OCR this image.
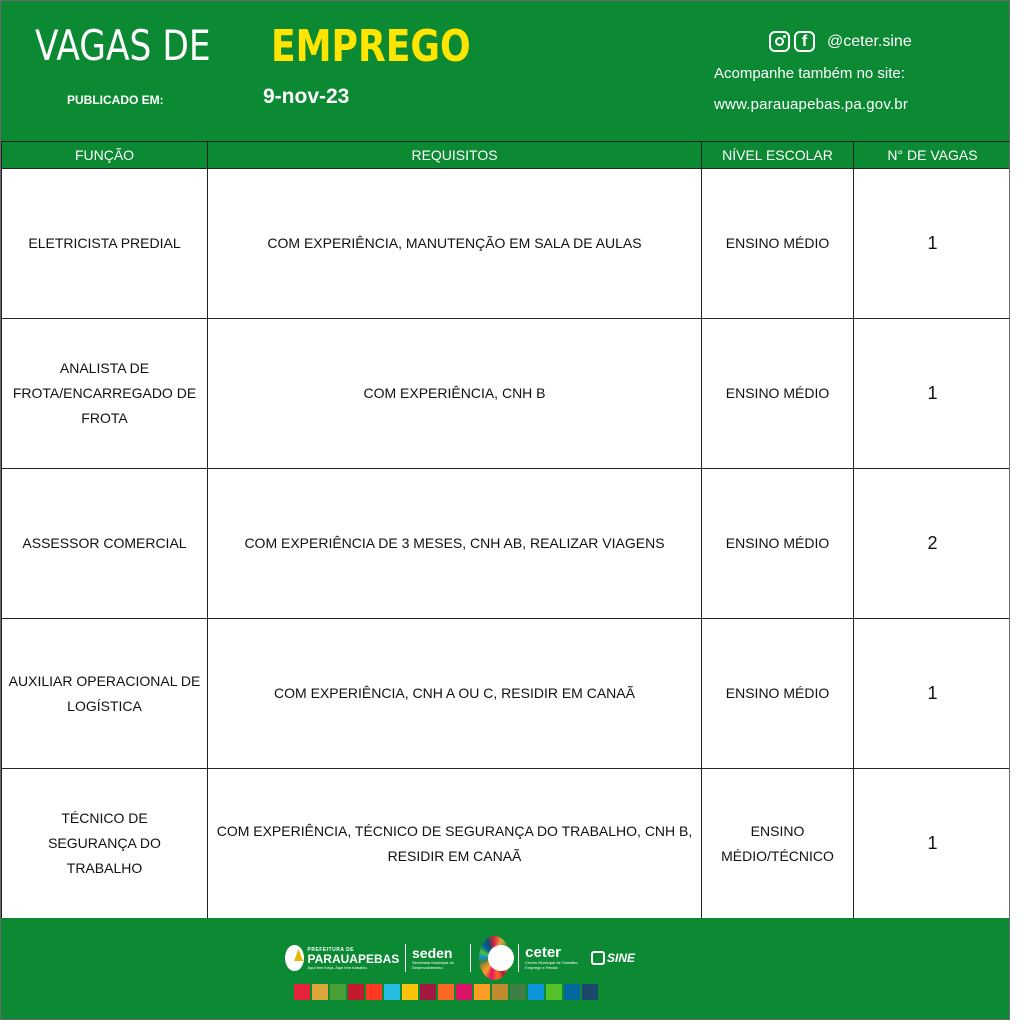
VAGAS DE EMPREGO
PUBLICADO EM:	9-nov-23
f	@ceter.sine
Acompanhe também no site:
www.parauapebas.pa.gov.br
FUNÇÃO	REQUISITOS	NÍVEL ESCOLAR	N° DE VAGAS
ELETRICISTA PREDIAL	COM EXPERIÊNCIA, MANUTENÇÃO EM SALA DE AULAS	ENSINO MÉDIO	1
ANALISTA DE FROTA/ENCARREGADO DE FROTA	COM EXPERIÊNCIA, CNH B	ENSINO MÉDIO	1
ASSESSOR COMERCIAL	COM EXPERIÊNCIA DE 3 MESES, CNH AB, REALIZAR VIAGENS	ENSINO MÉDIO	2
AUXILIAR OPERACIONAL DE LOGÍSTICA	COM EXPERIÊNCIA, CNH A OU C, RESIDIR EM CANAÃ	ENSINO MÉDIO	1
TÉCNICO DE SEGURANÇA DO TRABALHO	COM EXPERIÊNCIA, TÉCNICO DE SEGURANÇA DO TRABALHO, CNH B, RESIDIR EM CANAÃ	ENSINO MÉDIO/TÉCNICO	1
PREFEITURA DE
PARAUAPEBAS
Aqui tem força. Aqui tem trabalho.
seden
Secretaria Municipal de Desenvolvimento
ceter
Centro Municipal de Trabalho, Emprego e Renda
SINE
